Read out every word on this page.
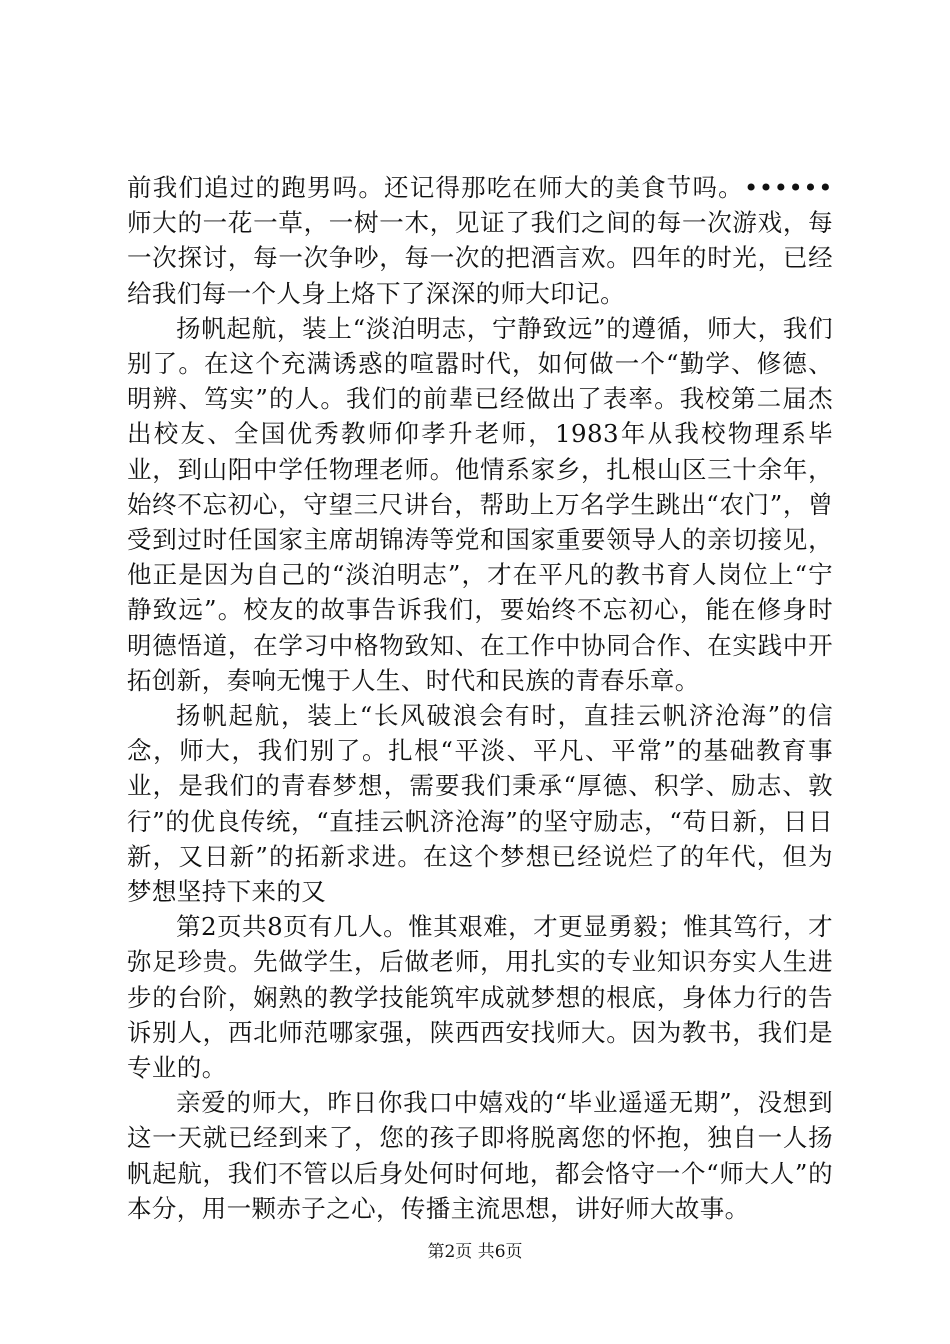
前我们追过的跑男吗。还记得那吃在师大的美食节吗。••••••师大的一花一草，一树一木，见证了我们之间的每一次游戏，每一次探讨，每一次争吵，每一次的把酒言欢。四年的时光，已经给我们每一个人身上烙下了深深的师大印记。

扬帆起航，装上“淡泊明志，宁静致远”的遵循，师大，我们别了。在这个充满诱惑的喧嚣时代，如何做一个“勤学、修德、明辨、笃实”的人。我们的前辈已经做出了表率。我校第二届杰出校友、全国优秀教师仰孝升老师，1983年从我校物理系毕业，到山阳中学任物理老师。他情系家乡，扎根山区三十余年，始终不忘初心，守望三尺讲台，帮助上万名学生跳出“农门”，曾受到过时任国家主席胡锦涛等党和国家重要领导人的亲切接见，他正是因为自己的“淡泊明志”，才在平凡的教书育人岗位上“宁静致远”。校友的故事告诉我们，要始终不忘初心，能在修身时明德悟道，在学习中格物致知、在工作中协同合作、在实践中开拓创新，奏响无愧于人生、时代和民族的青春乐章。

扬帆起航，装上“长风破浪会有时，直挂云帆济沧海”的信念，师大，我们别了。扎根“平淡、平凡、平常”的基础教育事业，是我们的青春梦想，需要我们秉承“厚德、积学、励志、敦行”的优良传统，“直挂云帆济沧海”的坚守励志，“苟日新，日日新，又日新”的拓新求进。在这个梦想已经说烂了的年代，但为梦想坚持下来的又

第2页共8页有几人。惟其艰难，才更显勇毅；惟其笃行，才弥足珍贵。先做学生，后做老师，用扎实的专业知识夯实人生进步的台阶，娴熟的教学技能筑牢成就梦想的根底，身体力行的告诉别人，西北师范哪家强，陕西西安找师大。因为教书，我们是专业的。

亲爱的师大，昨日你我口中嬉戏的“毕业遥遥无期”，没想到这一天就已经到来了，您的孩子即将脱离您的怀抱，独自一人扬帆起航，我们不管以后身处何时何地，都会恪守一个“师大人”的本分，用一颗赤子之心，传播主流思想，讲好师大故事。

第2页 共6页
